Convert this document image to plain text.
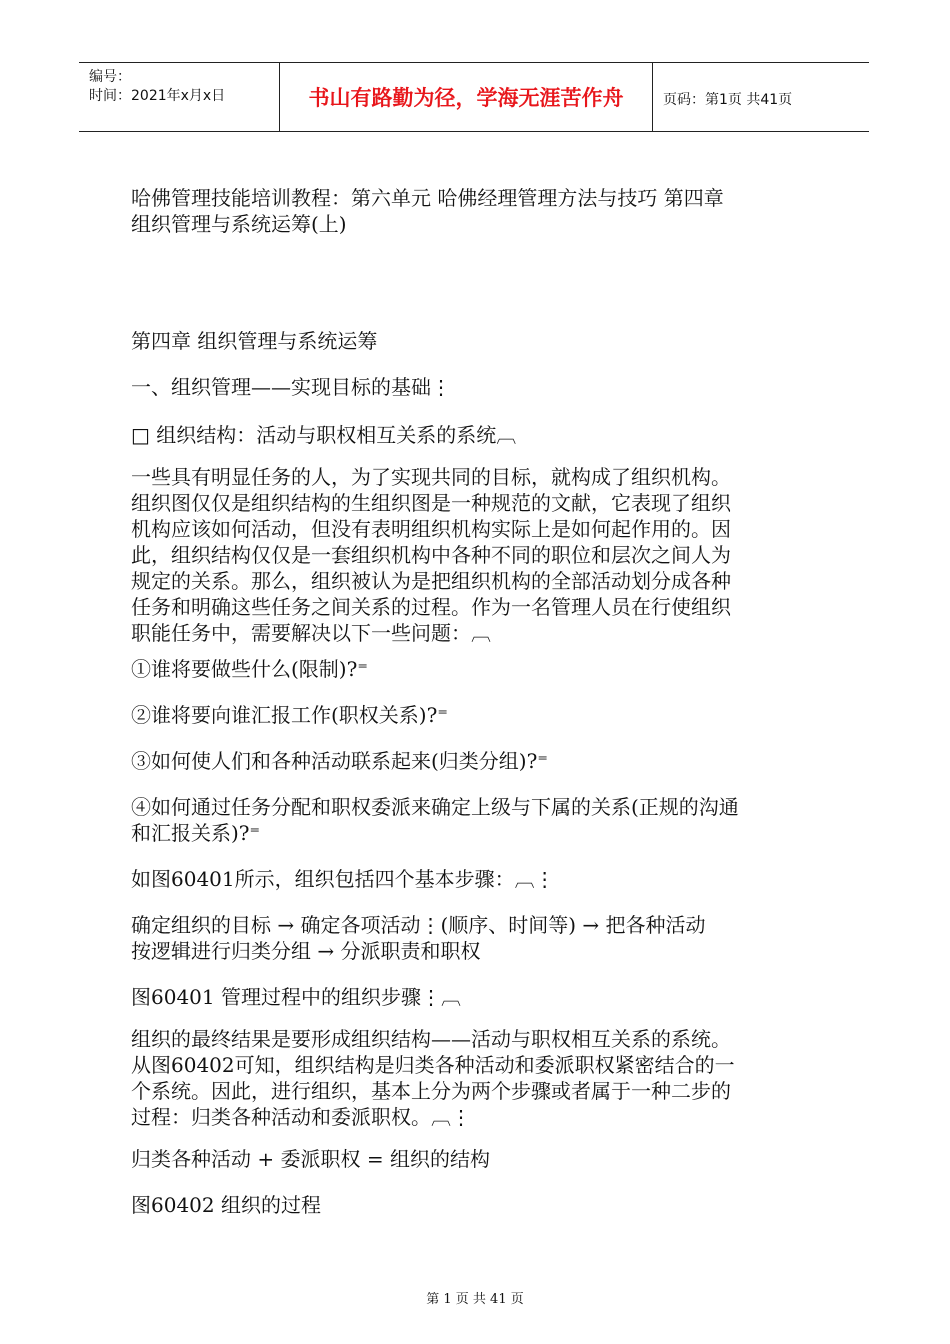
编号：
时间：2021年x月x日	书山有路勤为径，学海无涯苦作舟	页码：第1页 共41页

哈佛管理技能培训教程：第六单元 哈佛经理管理方法与技巧 第四章

组织管理与系统运筹(上)

第四章 组织管理与系统运筹

一、组织管理——实现目标的基础⋮

□ 组织结构：活动与职权相互关系的系统︹

一些具有明显任务的人，为了实现共同的目标，就构成了组织机构。

组织图仅仅是组织结构的生组织图是一种规范的文献，它表现了组织

机构应该如何活动，但没有表明组织机构实际上是如何起作用的。因

此，组织结构仅仅是一套组织机构中各种不同的职位和层次之间人为

规定的关系。那么，组织被认为是把组织机构的全部活动划分成各种

任务和明确这些任务之间关系的过程。作为一名管理人员在行使组织

职能任务中，需要解决以下一些问题：︹

①谁将要做些什么(限制)?⁼

②谁将要向谁汇报工作(职权关系)?⁼

③如何使人们和各种活动联系起来(归类分组)?⁼

④如何通过任务分配和职权委派来确定上级与下属的关系(正规的沟通

和汇报关系)?⁼

如图60401所示，组织包括四个基本步骤：︹⋮

确定组织的目标 → 确定各项活动⋮(顺序、时间等) → 把各种活动

按逻辑进行归类分组 → 分派职责和职权

图60401 管理过程中的组织步骤⋮︹

组织的最终结果是要形成组织结构——活动与职权相互关系的系统。

从图60402可知，组织结构是归类各种活动和委派职权紧密结合的一

个系统。因此，进行组织，基本上分为两个步骤或者属于一种二步的

过程：归类各种活动和委派职权。︹⋮

归类各种活动 + 委派职权 = 组织的结构

图60402 组织的过程

第 1 页 共 41 页
